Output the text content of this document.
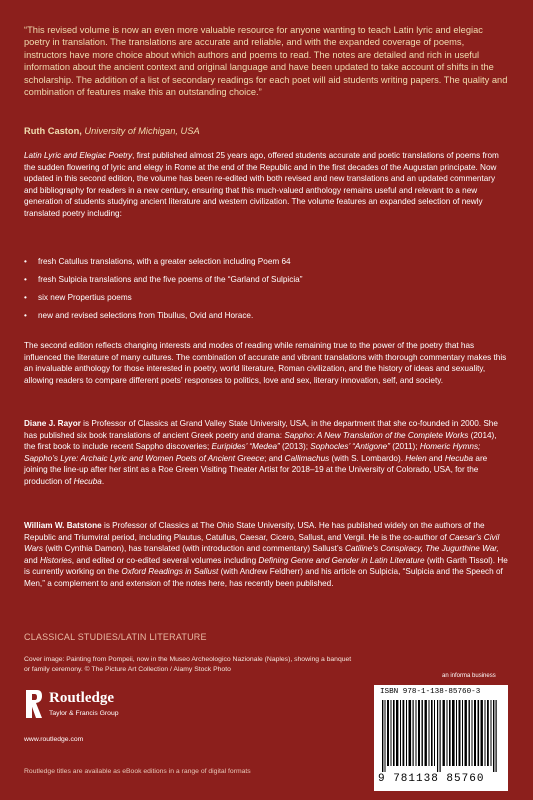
“This revised volume is now an even more valuable resource for anyone wanting to teach Latin lyric and elegiac poetry in translation. The translations are accurate and reliable, and with the expanded coverage of poems, instructors have more choice about which authors and poems to read. The notes are detailed and rich in useful information about the ancient context and original language and have been updated to take account of shifts in the scholarship. The addition of a list of secondary readings for each poet will aid students writing papers. The quality and combination of features make this an outstanding choice.”
Ruth Caston, University of Michigan, USA
Latin Lyric and Elegiac Poetry, first published almost 25 years ago, offered students accurate and poetic translations of poems from the sudden flowering of lyric and elegy in Rome at the end of the Republic and in the first decades of the Augustan principate. Now updated in this second edition, the volume has been re-edited with both revised and new translations and an updated commentary and bibliography for readers in a new century, ensuring that this much-valued anthology remains useful and relevant to a new generation of students studying ancient literature and western civilization. The volume features an expanded selection of newly translated poetry including:
• fresh Catullus translations, with a greater selection including Poem 64
• fresh Sulpicia translations and the five poems of the “Garland of Sulpicia”
• six new Propertius poems
• new and revised selections from Tibullus, Ovid and Horace.
The second edition reflects changing interests and modes of reading while remaining true to the power of the poetry that has influenced the literature of many cultures. The combination of accurate and vibrant translations with thorough commentary makes this an invaluable anthology for those interested in poetry, world literature, Roman civilization, and the history of ideas and sexuality, allowing readers to compare different poets’ responses to politics, love and sex, literary innovation, self, and society.
Diane J. Rayor is Professor of Classics at Grand Valley State University, USA, in the department that she co-founded in 2000. She has published six book translations of ancient Greek poetry and drama: Sappho: A New Translation of the Complete Works (2014), the first book to include recent Sappho discoveries; Euripides’ “Medea” (2013); Sophocles’ “Antigone” (2011); Homeric Hymns; Sappho’s Lyre: Archaic Lyric and Women Poets of Ancient Greece; and Callimachus (with S. Lombardo). Helen and Hecuba are joining the line-up after her stint as a Roe Green Visiting Theater Artist for 2018–19 at the University of Colorado, USA, for the production of Hecuba.
William W. Batstone is Professor of Classics at The Ohio State University, USA. He has published widely on the authors of the Republic and Triumviral period, including Plautus, Catullus, Caesar, Cicero, Sallust, and Vergil. He is the co-author of Caesar’s Civil Wars (with Cynthia Damon), has translated (with introduction and commentary) Sallust’s Catiline’s Conspiracy, The Jugurthine War, and Histories, and edited or co-edited several volumes including Defining Genre and Gender in Latin Literature (with Garth Tissol). He is currently working on the Oxford Readings in Sallust (with Andrew Feldherr) and his article on Sulpicia, “Sulpicia and the Speech of Men,” a complement to and extension of the notes here, has recently been published.
CLASSICAL STUDIES/LATIN LITERATURE
Cover image: Painting from Pompeii, now in the Museo Archeologico Nazionale (Naples), showing a banquet or family ceremony. © The Picture Art Collection / Alamy Stock Photo
Routledge
Taylor & Francis Group
www.routledge.com
Routledge titles are available as eBook editions in a range of digital formats
an informa business
ISBN 978-1-138-85760-3
9 781138 85760
